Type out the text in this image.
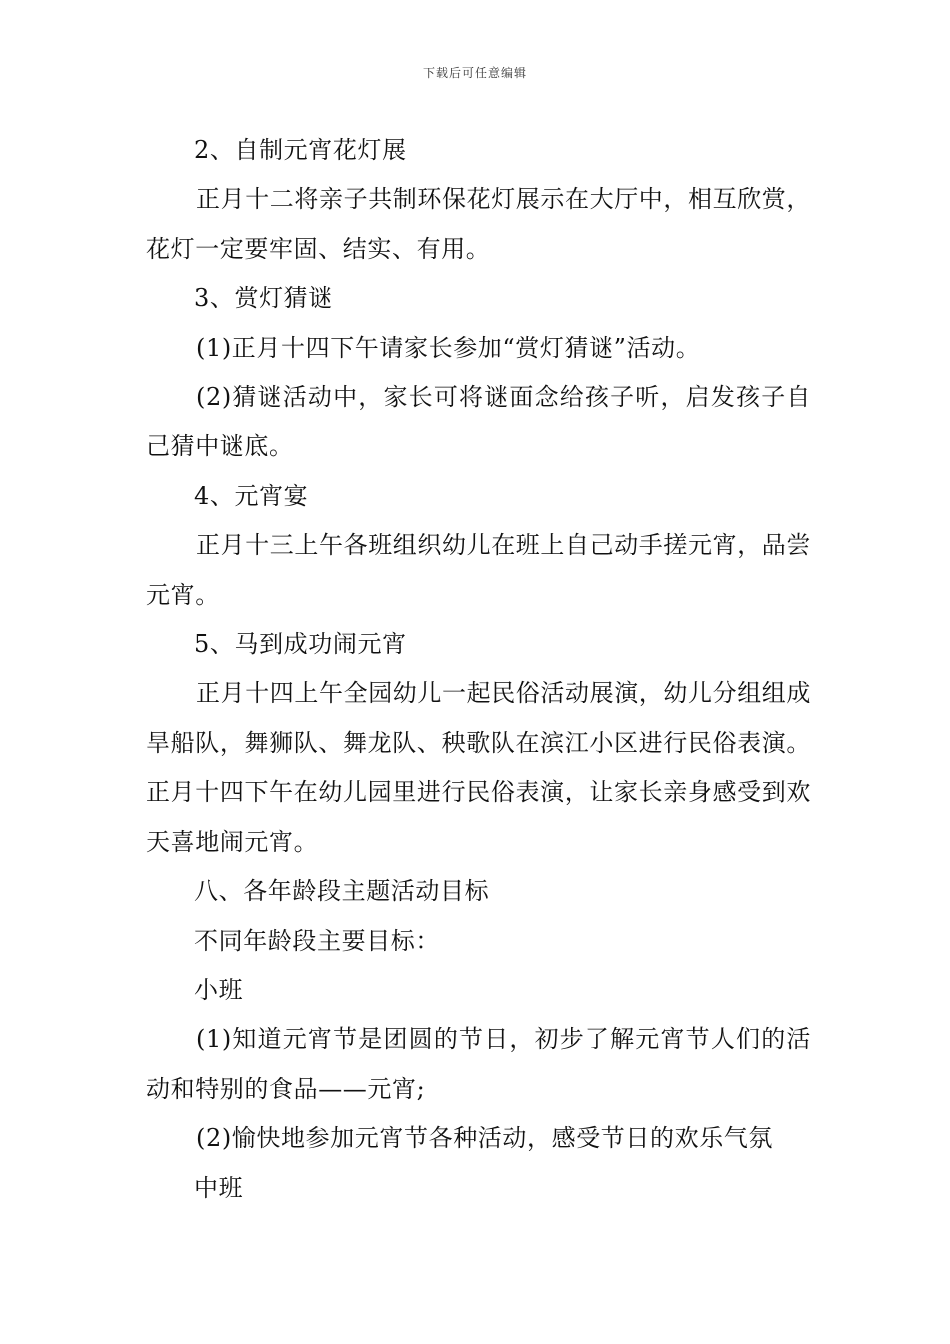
下载后可任意编辑

2、自制元宵花灯展

正月十二将亲子共制环保花灯展示在大厅中，相互欣赏，花灯一定要牢固、结实、有用。

3、赏灯猜谜

(1)正月十四下午请家长参加“赏灯猜谜”活动。

(2)猜谜活动中，家长可将谜面念给孩子听，启发孩子自己猜中谜底。

4、元宵宴

正月十三上午各班组织幼儿在班上自己动手搓元宵，品尝元宵。

5、马到成功闹元宵

正月十四上午全园幼儿一起民俗活动展演，幼儿分组组成旱船队，舞狮队、舞龙队、秧歌队在滨江小区进行民俗表演。正月十四下午在幼儿园里进行民俗表演，让家长亲身感受到欢天喜地闹元宵。

八、各年龄段主题活动目标

不同年龄段主要目标：

小班

(1)知道元宵节是团圆的节日，初步了解元宵节人们的活动和特别的食品——元宵;

(2)愉快地参加元宵节各种活动，感受节日的欢乐气氛

中班
